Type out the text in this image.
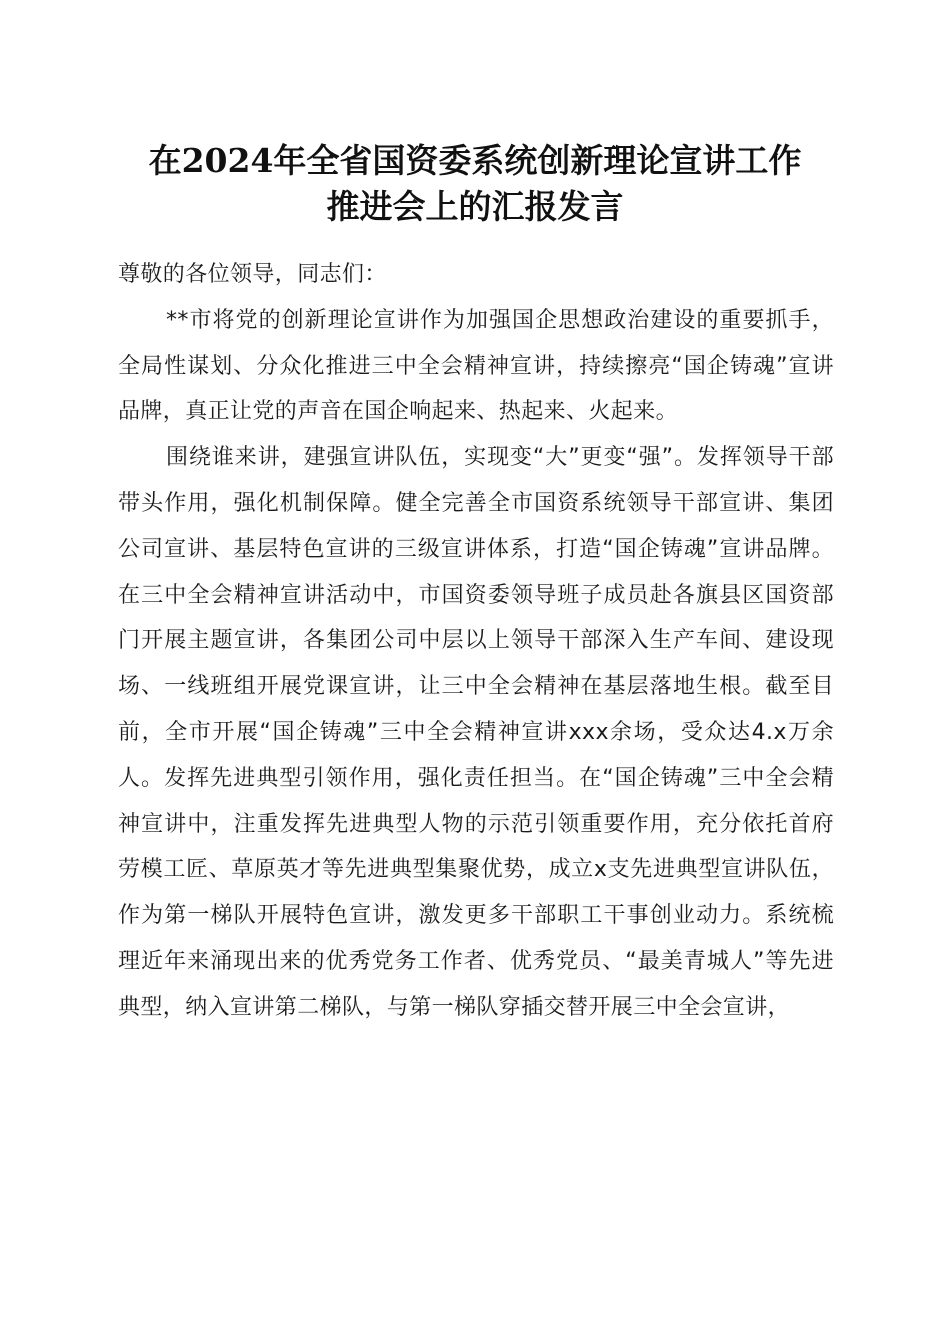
在2024年全省国资委系统创新理论宣讲工作
推进会上的汇报发言

尊敬的各位领导，同志们：

**市将党的创新理论宣讲作为加强国企思想政治建设的重要抓手，全局性谋划、分众化推进三中全会精神宣讲，持续擦亮“国企铸魂”宣讲品牌，真正让党的声音在国企响起来、热起来、火起来。

围绕谁来讲，建强宣讲队伍，实现变“大”更变“强”。发挥领导干部带头作用，强化机制保障。健全完善全市国资系统领导干部宣讲、集团公司宣讲、基层特色宣讲的三级宣讲体系，打造“国企铸魂”宣讲品牌。在三中全会精神宣讲活动中，市国资委领导班子成员赴各旗县区国资部门开展主题宣讲，各集团公司中层以上领导干部深入生产车间、建设现场、一线班组开展党课宣讲，让三中全会精神在基层落地生根。截至目前，全市开展“国企铸魂”三中全会精神宣讲xxx余场，受众达4.x万余人。发挥先进典型引领作用，强化责任担当。在“国企铸魂”三中全会精神宣讲中，注重发挥先进典型人物的示范引领重要作用，充分依托首府劳模工匠、草原英才等先进典型集聚优势，成立x支先进典型宣讲队伍，作为第一梯队开展特色宣讲，激发更多干部职工干事创业动力。系统梳理近年来涌现出来的优秀党务工作者、优秀党员、“最美青城人”等先进典型，纳入宣讲第二梯队，与第一梯队穿插交替开展三中全会宣讲，
